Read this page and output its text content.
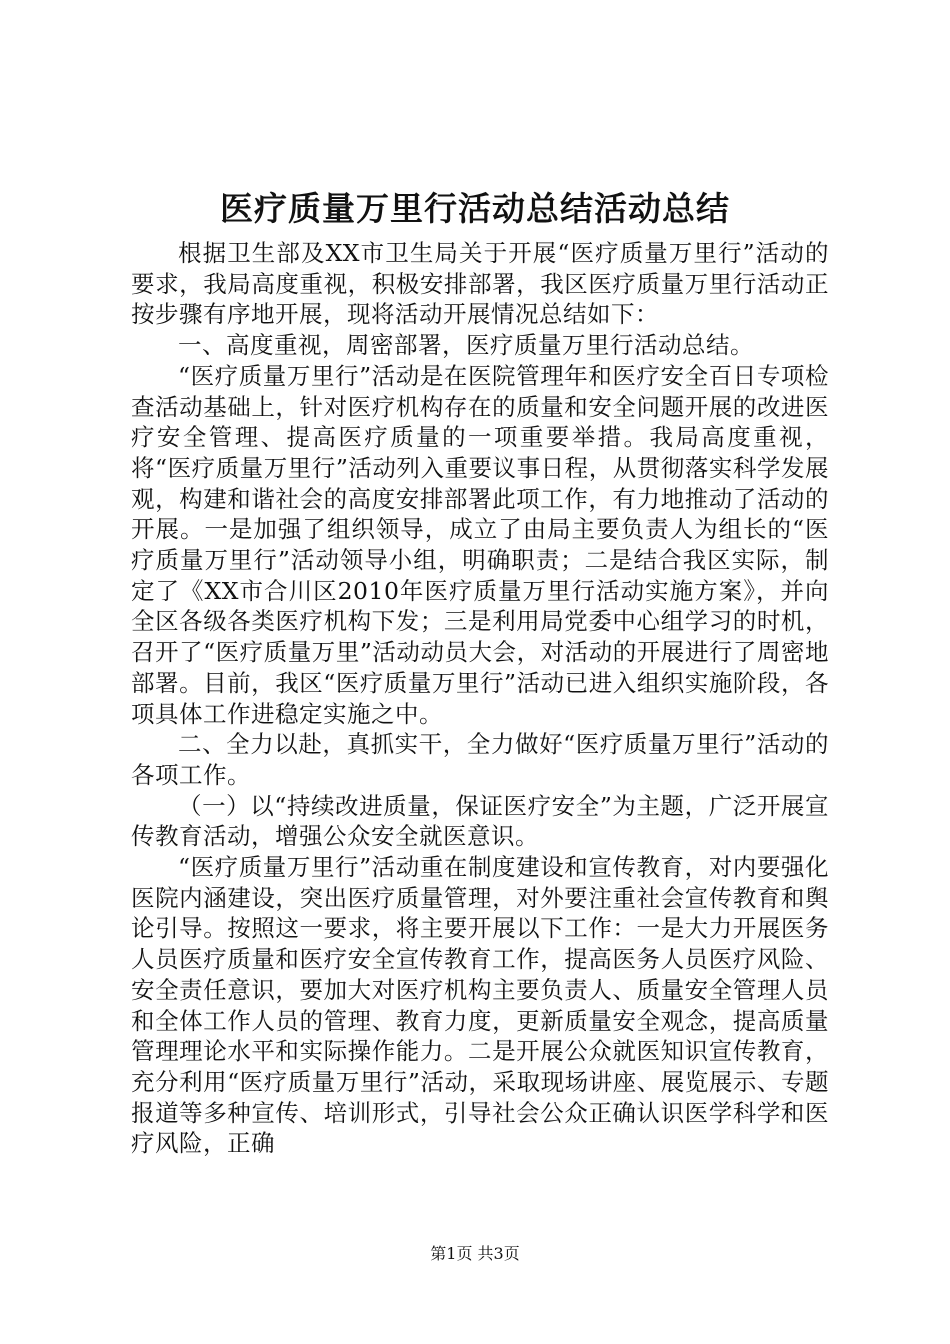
医疗质量万里行活动总结活动总结

根据卫生部及XX市卫生局关于开展“医疗质量万里行”活动的要求，我局高度重视，积极安排部署，我区医疗质量万里行活动正按步骤有序地开展，现将活动开展情况总结如下：

一、高度重视，周密部署，医疗质量万里行活动总结。

“医疗质量万里行”活动是在医院管理年和医疗安全百日专项检查活动基础上，针对医疗机构存在的质量和安全问题开展的改进医疗安全管理、提高医疗质量的一项重要举措。我局高度重视，将“医疗质量万里行”活动列入重要议事日程，从贯彻落实科学发展观，构建和谐社会的高度安排部署此项工作，有力地推动了活动的开展。一是加强了组织领导，成立了由局主要负责人为组长的“医疗质量万里行”活动领导小组，明确职责；二是结合我区实际，制定了《XX市合川区2010年医疗质量万里行活动实施方案》，并向全区各级各类医疗机构下发；三是利用局党委中心组学习的时机，召开了“医疗质量万里”活动动员大会，对活动的开展进行了周密地部署。目前，我区“医疗质量万里行”活动已进入组织实施阶段，各项具体工作进稳定实施之中。

二、全力以赴，真抓实干，全力做好“医疗质量万里行”活动的各项工作。

（一）以“持续改进质量，保证医疗安全”为主题，广泛开展宣传教育活动，增强公众安全就医意识。

“医疗质量万里行”活动重在制度建设和宣传教育，对内要强化医院内涵建设，突出医疗质量管理，对外要注重社会宣传教育和舆论引导。按照这一要求，将主要开展以下工作：一是大力开展医务人员医疗质量和医疗安全宣传教育工作，提高医务人员医疗风险、安全责任意识，要加大对医疗机构主要负责人、质量安全管理人员和全体工作人员的管理、教育力度，更新质量安全观念，提高质量管理理论水平和实际操作能力。二是开展公众就医知识宣传教育，充分利用“医疗质量万里行”活动，采取现场讲座、展览展示、专题报道等多种宣传、培训形式，引导社会公众正确认识医学科学和医疗风险，正确

第1页 共3页
